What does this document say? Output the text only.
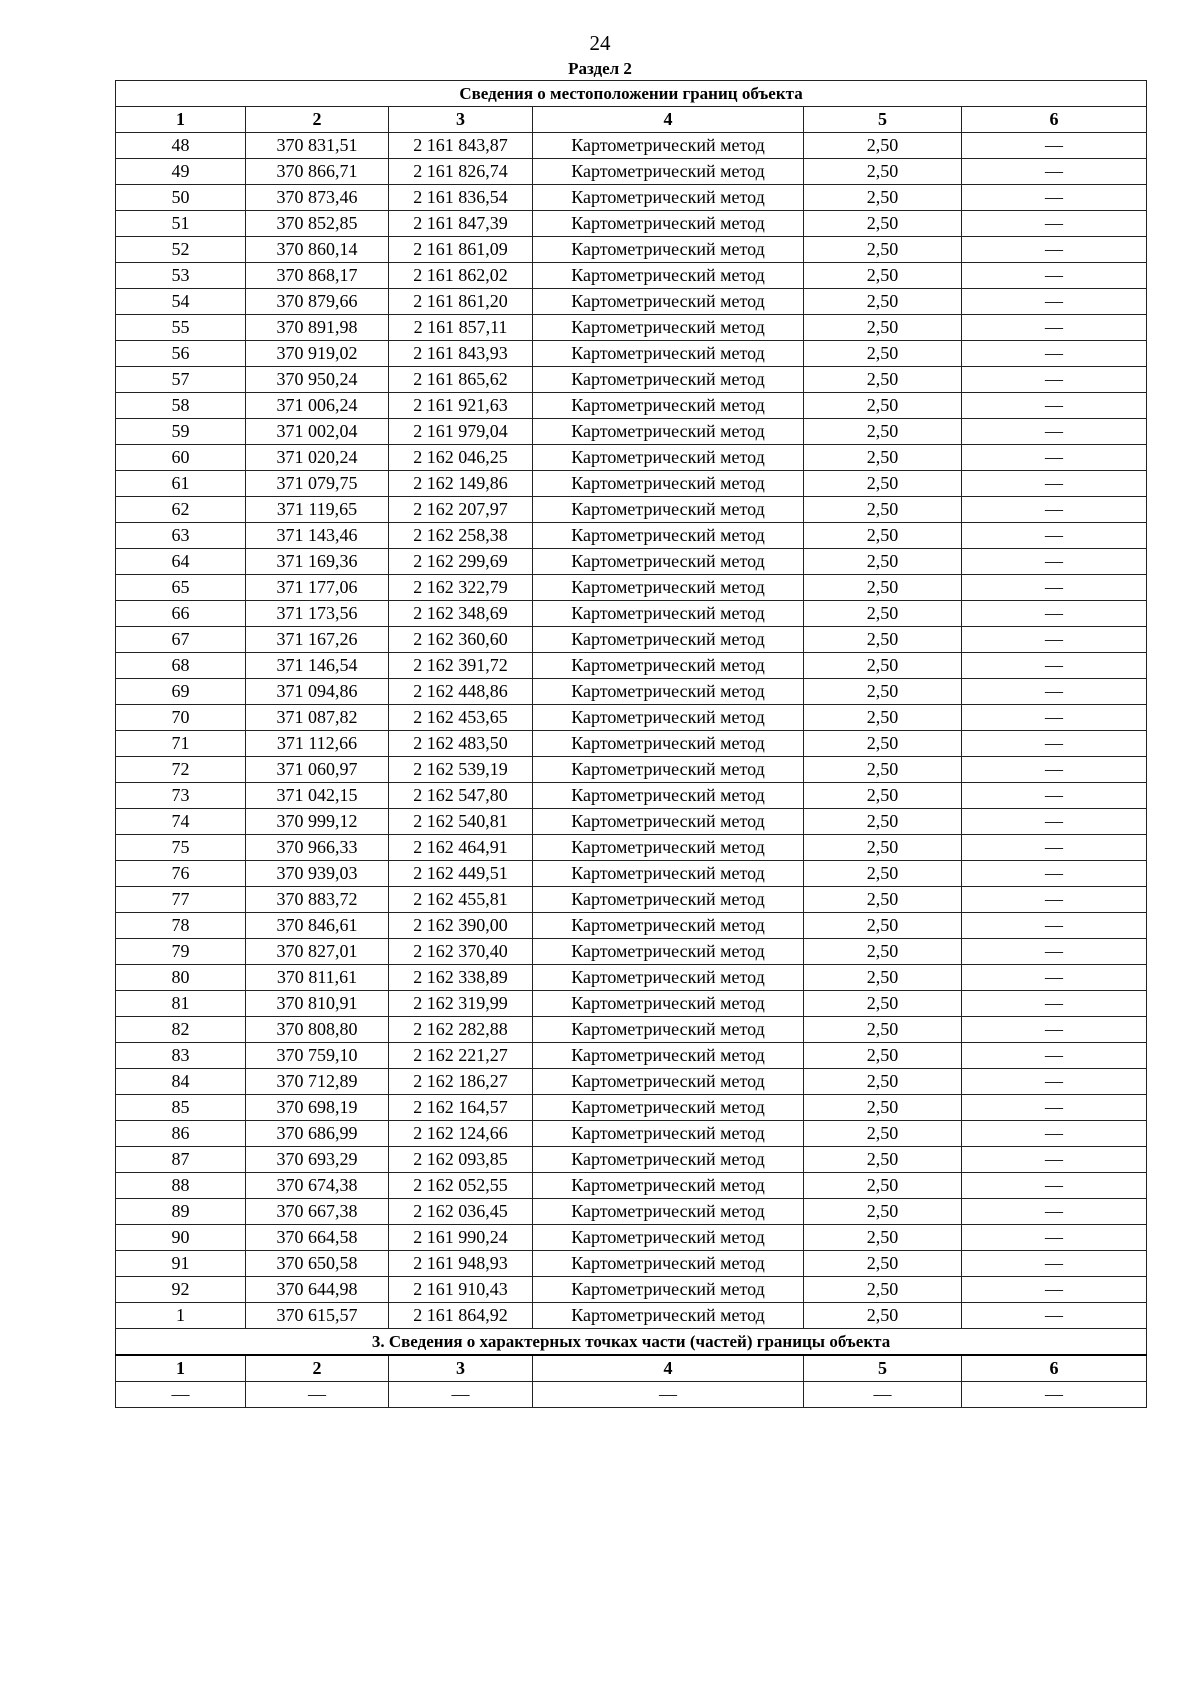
24
Раздел 2
Сведения о местоположении границ объекта					
1	2	3	4	5	6
48	370 831,51	2 161 843,87	Картометрический метод	2,50	—
49	370 866,71	2 161 826,74	Картометрический метод	2,50	—
50	370 873,46	2 161 836,54	Картометрический метод	2,50	—
51	370 852,85	2 161 847,39	Картометрический метод	2,50	—
52	370 860,14	2 161 861,09	Картометрический метод	2,50	—
53	370 868,17	2 161 862,02	Картометрический метод	2,50	—
54	370 879,66	2 161 861,20	Картометрический метод	2,50	—
55	370 891,98	2 161 857,11	Картометрический метод	2,50	—
56	370 919,02	2 161 843,93	Картометрический метод	2,50	—
57	370 950,24	2 161 865,62	Картометрический метод	2,50	—
58	371 006,24	2 161 921,63	Картометрический метод	2,50	—
59	371 002,04	2 161 979,04	Картометрический метод	2,50	—
60	371 020,24	2 162 046,25	Картометрический метод	2,50	—
61	371 079,75	2 162 149,86	Картометрический метод	2,50	—
62	371 119,65	2 162 207,97	Картометрический метод	2,50	—
63	371 143,46	2 162 258,38	Картометрический метод	2,50	—
64	371 169,36	2 162 299,69	Картометрический метод	2,50	—
65	371 177,06	2 162 322,79	Картометрический метод	2,50	—
66	371 173,56	2 162 348,69	Картометрический метод	2,50	—
67	371 167,26	2 162 360,60	Картометрический метод	2,50	—
68	371 146,54	2 162 391,72	Картометрический метод	2,50	—
69	371 094,86	2 162 448,86	Картометрический метод	2,50	—
70	371 087,82	2 162 453,65	Картометрический метод	2,50	—
71	371 112,66	2 162 483,50	Картометрический метод	2,50	—
72	371 060,97	2 162 539,19	Картометрический метод	2,50	—
73	371 042,15	2 162 547,80	Картометрический метод	2,50	—
74	370 999,12	2 162 540,81	Картометрический метод	2,50	—
75	370 966,33	2 162 464,91	Картометрический метод	2,50	—
76	370 939,03	2 162 449,51	Картометрический метод	2,50	—
77	370 883,72	2 162 455,81	Картометрический метод	2,50	—
78	370 846,61	2 162 390,00	Картометрический метод	2,50	—
79	370 827,01	2 162 370,40	Картометрический метод	2,50	—
80	370 811,61	2 162 338,89	Картометрический метод	2,50	—
81	370 810,91	2 162 319,99	Картометрический метод	2,50	—
82	370 808,80	2 162 282,88	Картометрический метод	2,50	—
83	370 759,10	2 162 221,27	Картометрический метод	2,50	—
84	370 712,89	2 162 186,27	Картометрический метод	2,50	—
85	370 698,19	2 162 164,57	Картометрический метод	2,50	—
86	370 686,99	2 162 124,66	Картометрический метод	2,50	—
87	370 693,29	2 162 093,85	Картометрический метод	2,50	—
88	370 674,38	2 162 052,55	Картометрический метод	2,50	—
89	370 667,38	2 162 036,45	Картометрический метод	2,50	—
90	370 664,58	2 161 990,24	Картометрический метод	2,50	—
91	370 650,58	2 161 948,93	Картометрический метод	2,50	—
92	370 644,98	2 161 910,43	Картометрический метод	2,50	—
1	370 615,57	2 161 864,92	Картометрический метод	2,50	—
3. Сведения о характерных точках части (частей) границы объекта					
1	2	3	4	5	6
—	—	—	—	—	—
